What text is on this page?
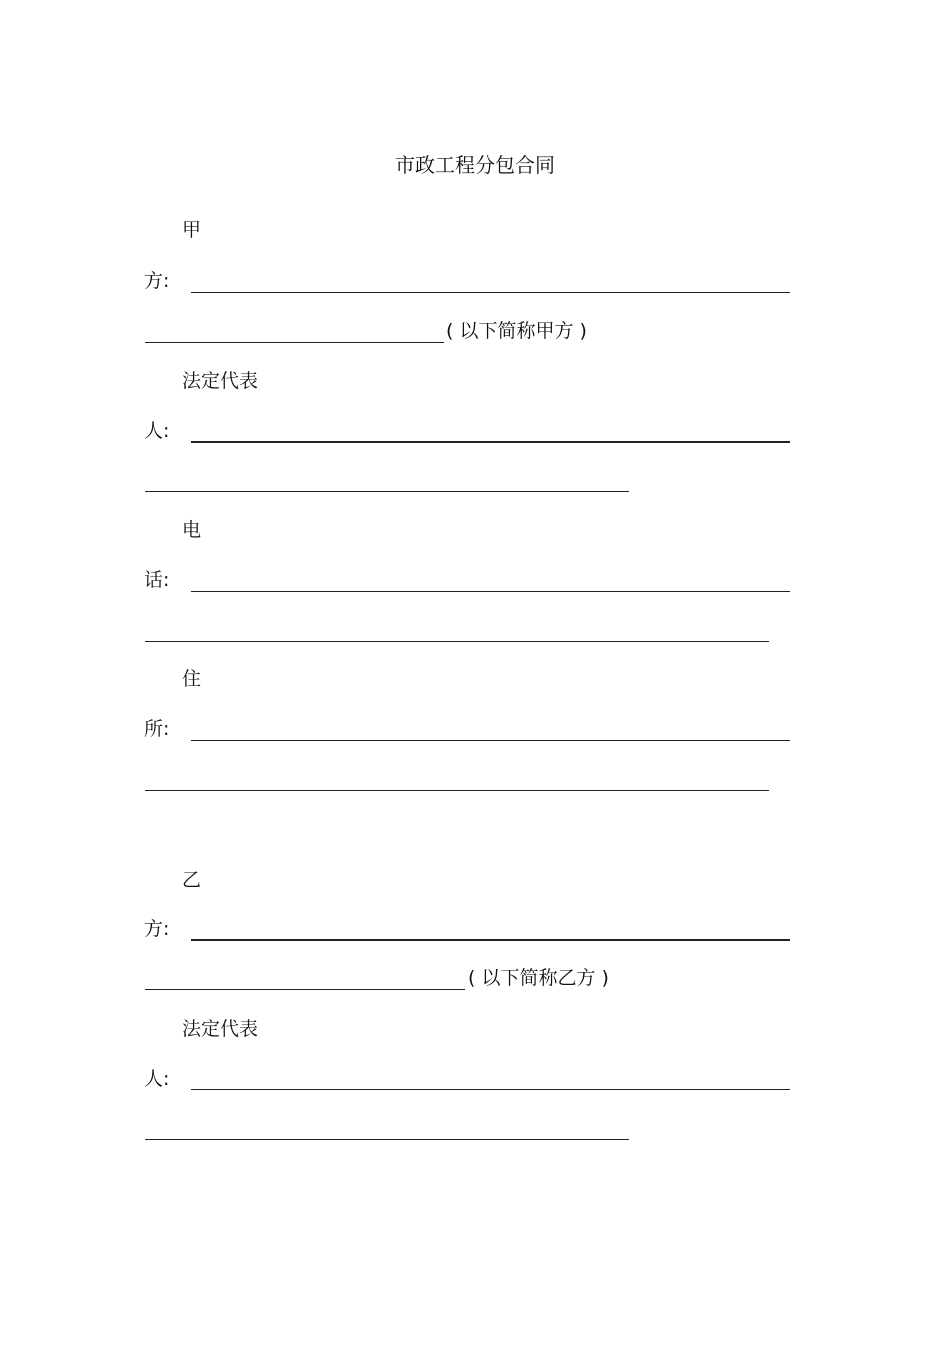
市政工程分包合同
甲
方:
( 以下简称甲方 )
法定代表
人:
电
话:
住
所:
乙
方:
( 以下简称乙方 )
法定代表
人:
